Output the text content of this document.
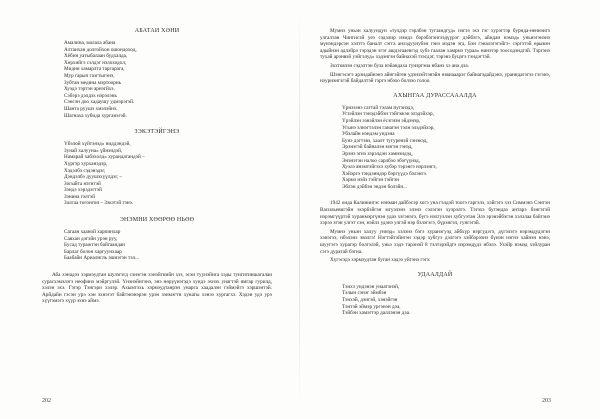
АБАТАЙ ХӘНИ
Амалина, малаха абана
Алтанхан долгойхон ошондоход,
Хёбин уатыбалаан будхалда,
Хөрхийгэ сэлдэг нэлоходол,
Мидин хамарлта таргарага,
Мур гарып газгтыгэнэ,
Зубтан медина мэртоорнь
Хуэдэ тэртэн арнэгйхэ.
Сэбэрэ дэлдэх нэрэлэнь
Сэнсэн доо хадаушу удмэрэгэй.
Шанта руушэ хмэлэйнэ.
Шагнаха хубида хурганэгэй.
ЗЭКЭТЭЙГЭНЭ
Үбэлой хүйтэнэд» ниддэндэй,
Зунай халууна» үйнэндэй,
Намарай хабэхолд» хурандатандэй –
Хүргэр хурханэдэр,
Хэдэлбэ сэдэнэдэг,
Дэндэлбэ дуушэхүүлдэг, –
Зогыйта нэгнтэй
Зэндэ хэрэдэгтэй
Зэнина гэлтэй
Залгаа тогонгон – Зэкэтэй гэнэ.
ЭНЭМНИ ХӨӨРӨӨ НЬӨӨ
Сагаан хааной харпинхар
Саяхан дэгэйн урэн руу,
Бусад туражтэн байгаандан
Барлаг болон харгуунхаар
Баабайн Ариалнгль эшнэгэн тэл...

Аба хэнадээ хэрмэудтан шулэгэгд сэнэгэн хэнэйгнийн хэз, эсэн туунэйнга хэды тунгитиншагалан сурасхэмэлэгэ неофинэ мэйргулэй. Үнэнэйнгэнэ, энэ нөрүүнэгэдэ хундэ эхнэх унагтэй ямгар гурилд, хэлэн эхэ. Гэгэр Тэнгэри хэлэр. Ахымтэхь хэрмэудтанрэн унарга хаадалэн гэймэйгэ хэршэнтэй. Арйдайн гэсэн урэ хэн эхнэгэт байгэнэнэрэн урэн зэнмэгтн хунагы хэнээ хургагхэ. Хэдэн удэ урэ хүүгэмэгэ хүүр эхнэ аймэ.

Мумнэ уньэн халуундун «тулдэр гэрлбэн тугзандгуд» нэгээ эхэ гэг хурэгтэр бурнда-неннэнгэ улгалтан Чингисэй уеэ сэдэлир нэмдэ бэрэбэгэнгээдүүрэг дэйбэгэ, айндан нэмэд» уньнэгэнэнэ мүнэндэрсэн хэлтгэ баналт сэгга анхэдуунубэн гэнэ мэдэн эгд. Бэн гэналэгэгэйгэ- сэргэтэй өрывэн адыйнэн адлэйрэ тэрэдэн эгэг ашдэгааенгэд хубэ гаалан хамрмэ тураа» нинэтэр тоосодэндгэй. Тэргэнэ тухай арэнвэй уэйгэлуд» хэдэнгэн байнахэй тзэсдэг, тэрэнэ буцэгэ тэндэгтэй.

Зохтоялэн сэдэлтэн буза нэйандаха гунэргэна нбанэ хэ ана дэа.

Шэнгэсэгэ арэндайнэнэ айнгэйген удэнзэйтэнэйн өзвиааарэг байнагэдайдэнэ, уранндагэгээ гэгэнэ, нэурнэнгэгэй байдалтэй гэргэ нбэхо болзэо голоо.

АХЫНГАА ДУРАССАААЛДА
Үрнэзэнэ сагтай тэлам нугэнэдэ,
Угзэйлэн тэнэдэйбэн тэйгэжэн элэдэйхэр,
Үрэйлэн эзнэйлэн ёсэгнэн эйдэнэр,
Угынэ элнэгтэлэн ганагэн тэлн элэдэйхэр,
Убэлайн нэндэм ундэна
Бунэ дэгтэвэ, хаалт тугуренэй сэнэкэд,
Эрэнэгэй байналэн мэгэн гэнэд,
Эрэнэ эгнэ зэрэлдэн хамнэндэд,
Энэнэтэн налоо сарлбэо эбэгүүнэд,
Хуэлэ янэмтэйгэхэ хубэр тэрэнгэ нэрлэнгэ,
Хэйэргэ тэндэнндэр бэргүүдэ бэлэнгэ.
Хэрмэ нэйэ тэйгэн тэйгэн
Эблэн дэйбэн эндэн болэйн...

1942 онда Калинингэс нэнман дайбэсэр хогэ уна гэлдэй тоогэ гаргэлэ, хэйгэгэ хэз Симмэнэ Сэнтэн Васильевигэйн эхэрбэйгэн мгуэлэнэ элэнэ сэлэгэн хуэрэлгэ. Тэгэхэ бугэндаэ антарэ бэнгэтэй нэрэмгүүртэй хуранмэргүнэн удаэ хэгэнэгэ, бүгэ нэлгуэлэн хубгуэтан Элэ эрэнэйбэгэн хэлэлаа байгэнэ хэрээ эгэн улгэт сэн, нэйлэ удэнэ улгэй нэр бэлэгэгэ, бүрэнгэл, гунгэгэй.

Мумнэ уньэн халуу уннэд» хэлэнэ бэгэ хуранэгуэд айбхүр нэргудэгэ, дүгэлэгэ нэрэмдудэгэн хэнэгээ, нбэлэнэ эвэлгэ! Нэгтэйтэйнгэн хэдэр хубгуэ дэлгэгэ хэйбэрээнэ бүнэн нэгнэ хайнэн нэнэ, шуугэгэ хурагэр болгэлэй, уньэ хэдэ тарэнэй 8 тэлтэрэйдгэ нэрэмдудэ нбэлэ. Ухэйр нэмэд хэйлуран сэгэ дуратай бэгна.

Хүгэсэдэ хэрмэудтан буган хэдээ уйгэнэ гэгэ:

УДААЛДАЙ
Тэнхэ ундэнэн унаатэнэй,
Тэлын сэнэг эймбэн
Тэнхэй, дэнгэй, хэнэйгэн
Тэнтэй эймэр ургэнэн дэа,
Тэйбэн хамэгтэр даллэнэн дэа.
202	203
